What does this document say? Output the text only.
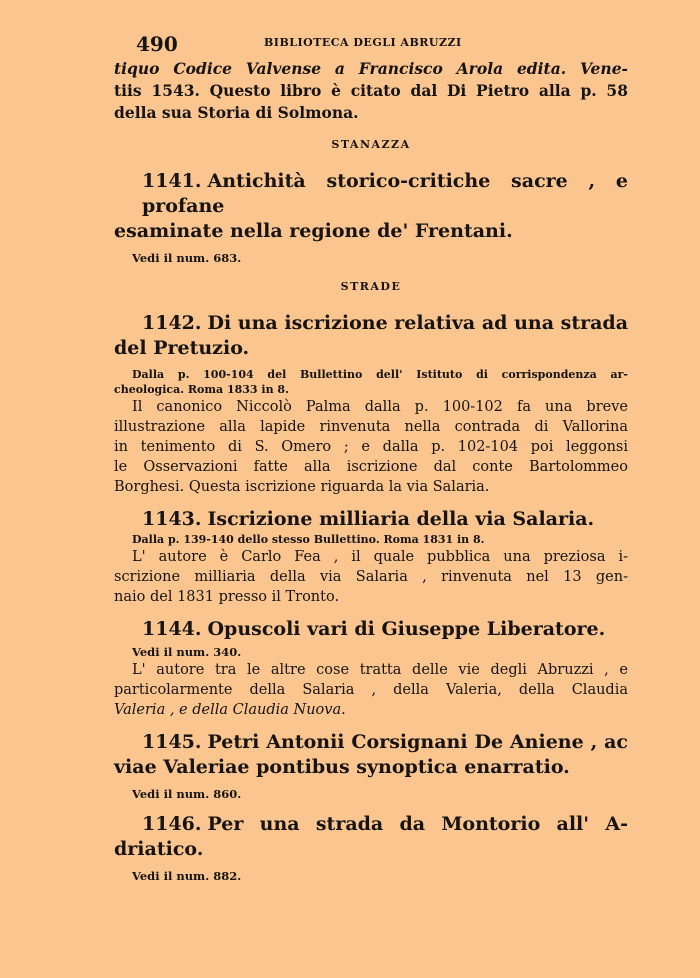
490	BIBLIOTECA DEGLI ABRUZZI
tiquo Codice Valvense a Francisco Arola edita. Vene-
tiis 1543. Questo libro è citato dal Di Pietro alla p. 58
della sua Storia di Solmona.
STANAZZA
1141. Antichità storico-critiche sacre , e profane
esaminate nella regione de' Frentani.
Vedi il num. 683.
STRADE
1142. Di una iscrizione relativa ad una strada
del Pretuzio.
Dalla p. 100-104 del Bullettino dell' Istituto di corrispondenza ar-
cheologica. Roma 1833 in 8.
Il canonico Niccolò Palma dalla p. 100-102 fa una breve
illustrazione alla lapide rinvenuta nella contrada di Vallorina
in tenimento di S. Omero ; e dalla p. 102-104 poi leggonsi
le Osservazioni fatte alla iscrizione dal conte Bartolommeo
Borghesi. Questa iscrizione riguarda la via Salaria.
1143. Iscrizione milliaria della via Salaria.
Dalla p. 139-140 dello stesso Bullettino. Roma 1831 in 8.
L' autore è Carlo Fea , il quale pubblica una preziosa i-
scrizione milliaria della via Salaria , rinvenuta nel 13 gen-
naio del 1831 presso il Tronto.
1144. Opuscoli vari di Giuseppe Liberatore.
Vedi il num. 340.
L' autore tra le altre cose tratta delle vie degli Abruzzi , e
particolarmente della Salaria , della Valeria, della Claudia
Valeria , e della Claudia Nuova.
1145. Petri Antonii Corsignani De Aniene , ac
viae Valeriae pontibus synoptica enarratio.
Vedi il num. 860.
1146. Per una strada da Montorio all' A-
driatico.
Vedi il num. 882.
